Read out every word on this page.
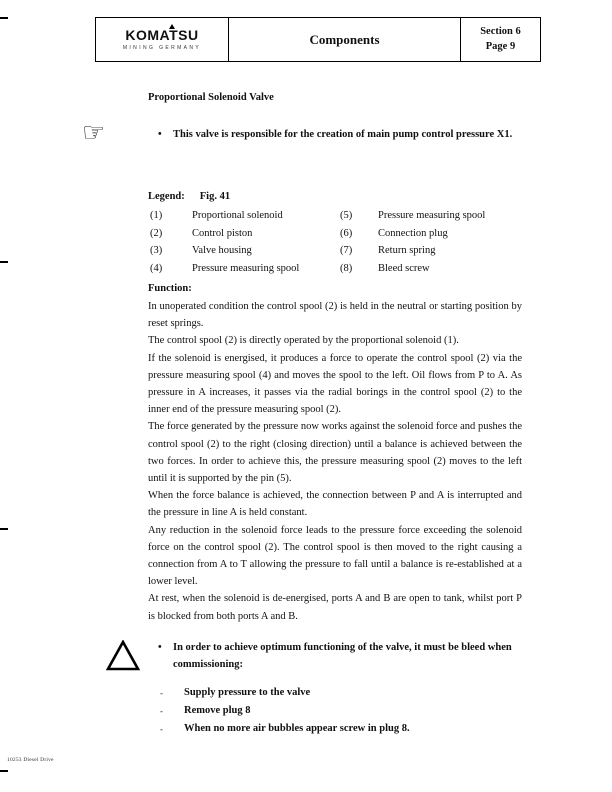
KOMATSU
MINING GERMANY
Components	Section 6
Page 9
Proportional Solenoid Valve
☞	•	This valve is responsible for the creation of main pump control pressure X1.
Legend: Fig. 41
(1)	Proportional solenoid	(5)	Pressure measuring spool
(2)	Control piston	(6)	Connection plug
(3)	Valve housing	(7)	Return spring
(4)	Pressure measuring spool	(8)	Bleed screw
Function:

In unoperated condition the control spool (2) is held in the neutral or starting position by reset springs.

The control spool (2) is directly operated by the proportional solenoid (1).

If the solenoid is energised, it produces a force to operate the control spool (2) via the pressure measuring spool (4) and moves the spool to the left. Oil flows from P to A. As pressure in A increases, it passes via the radial borings in the control spool (2) to the inner end of the pressure measuring spool (2).

The force generated by the pressure now works against the solenoid force and pushes the control spool (2) to the right (closing direction) until a balance is achieved between the two forces. In order to achieve this, the pressure measuring spool (2) moves to the left until it is supported by the pin (5).

When the force balance is achieved, the connection between P and A is interrupted and the pressure in line A is held constant.

Any reduction in the solenoid force leads to the pressure force exceeding the solenoid force on the control spool (2). The control spool is then moved to the right causing a connection from A to T allowing the pressure to fall until a balance is re-established at a lower level.

At rest, when the solenoid is de-energised, ports A and B are open to tank, whilst port P is blocked from both ports A and B.

•	In order to achieve optimum functioning of the valve, it must be bleed when commissioning:
-	Supply pressure to the valve
-	Remove plug 8
-	When no more air bubbles appear screw in plug 8.
10253 Diesel Drive
